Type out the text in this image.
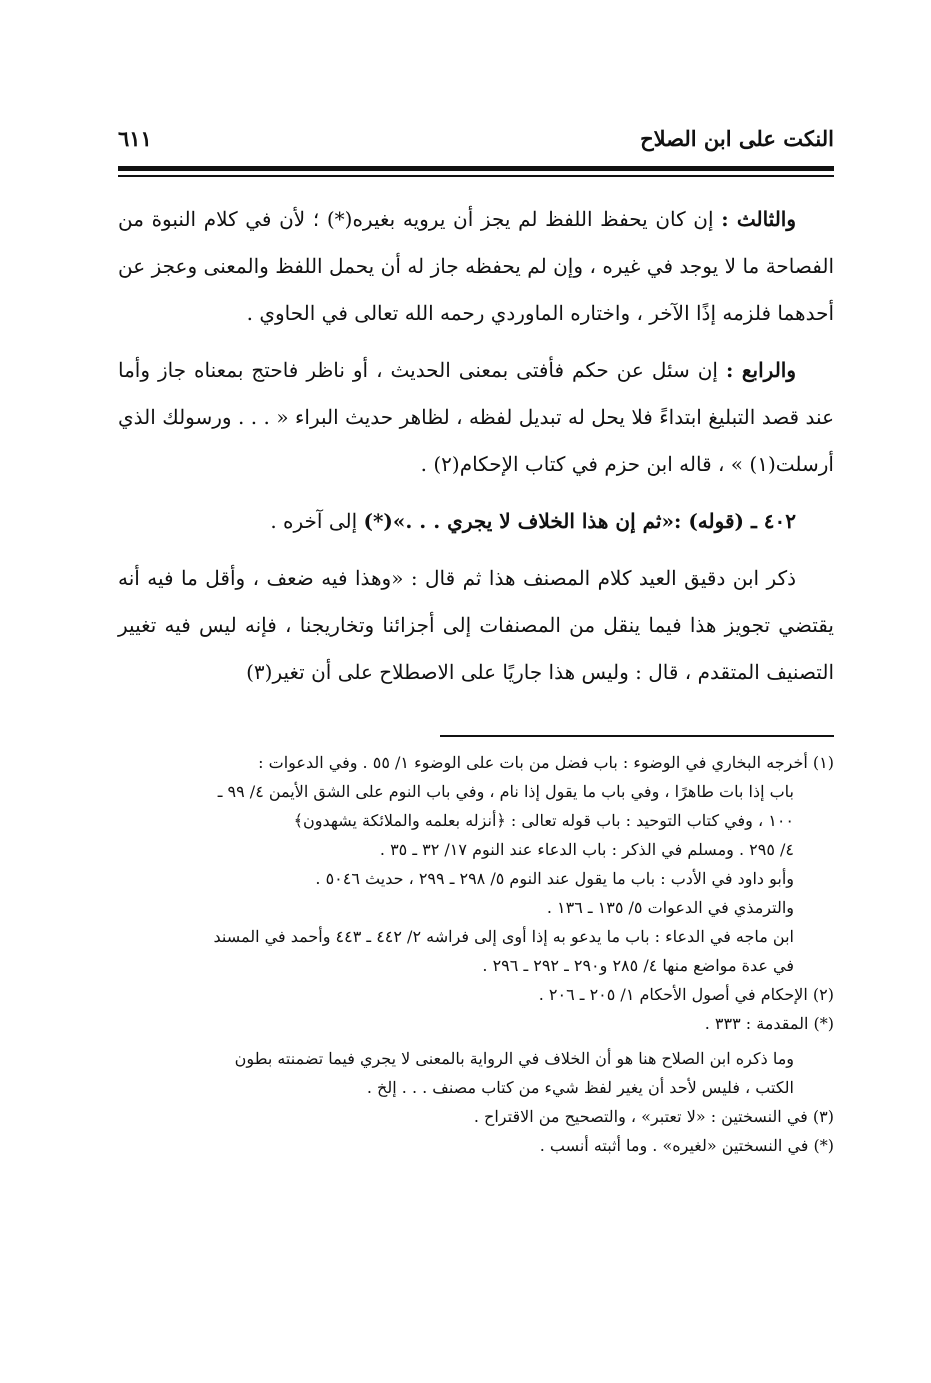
النكت على ابن الصلاح
٦١١

والثالث : إن كان يحفظ اللفظ لم يجز أن يرويه بغيره(*) ؛ لأن في كلام النبوة من الفصاحة ما لا يوجد في غيره ، وإن لم يحفظه جاز له أن يحمل اللفظ والمعنى وعجز عن أحدهما فلزمه إذًا الآخر ، واختاره الماوردي رحمه الله تعالى في الحاوي .

والرابع : إن سئل عن حكم فأفتى بمعنى الحديث ، أو ناظر فاحتج بمعناه جاز وأما عند قصد التبليغ ابتداءً فلا يحل له تبديل لفظه ، لظاهر حديث البراء « . . . ورسولك الذي أرسلت(١) » ، قاله ابن حزم في كتاب الإحكام(٢) .

٤٠٢ ـ (قوله) :«ثم إن هذا الخلاف لا يجري . . .»(*) إلى آخره .

ذكر ابن دقيق العيد كلام المصنف هذا ثم قال : «وهذا فيه ضعف ، وأقل ما فيه أنه يقتضي تجويز هذا فيما ينقل من المصنفات إلى أجزائنا وتخاريجنا ، فإنه ليس فيه تغيير التصنيف المتقدم ، قال : وليس هذا جاريًا على الاصطلاح على أن تغير(٣)

(١) أخرجه البخاري في الوضوء : باب فضل من بات على الوضوء ١/ ٥٥ . وفي الدعوات :

باب إذا بات طاهرًا ، وفي باب ما يقول إذا نام ، وفي باب النوم على الشق الأيمن ٤/ ٩٩ ـ

١٠٠ ، وفي كتاب التوحيد : باب قوله تعالى : ﴿أنزله بعلمه والملائكة يشهدون﴾

٤/ ٢٩٥ . ومسلم في الذكر : باب الدعاء عند النوم ١٧/ ٣٢ ـ ٣٥ .

وأبو داود في الأدب : باب ما يقول عند النوم ٥/ ٢٩٨ ـ ٢٩٩ ، حديث ٥٠٤٦ .

والترمذي في الدعوات ٥/ ١٣٥ ـ ١٣٦ .

ابن ماجه في الدعاء : باب ما يدعو به إذا أوى إلى فراشه ٢/ ٤٤٢ ـ ٤٤٣ وأحمد في المسند

في عدة مواضع منها ٤/ ٢٨٥ و٢٩٠ ـ ٢٩٢ ـ ٢٩٦ .

(٢) الإحكام في أصول الأحكام ١/ ٢٠٥ ـ ٢٠٦ .

(*) المقدمة : ٣٣٣ .

وما ذكره ابن الصلاح هنا هو أن الخلاف في الرواية بالمعنى لا يجري فيما تضمنته بطون

الكتب ، فليس لأحد أن يغير لفظ شيء من كتاب مصنف . . . إلخ .

(٣) في النسختين : «لا تعتبر» ، والتصحيح من الاقتراح .

(*) في النسختين «لغيره» . وما أثبته أنسب .
